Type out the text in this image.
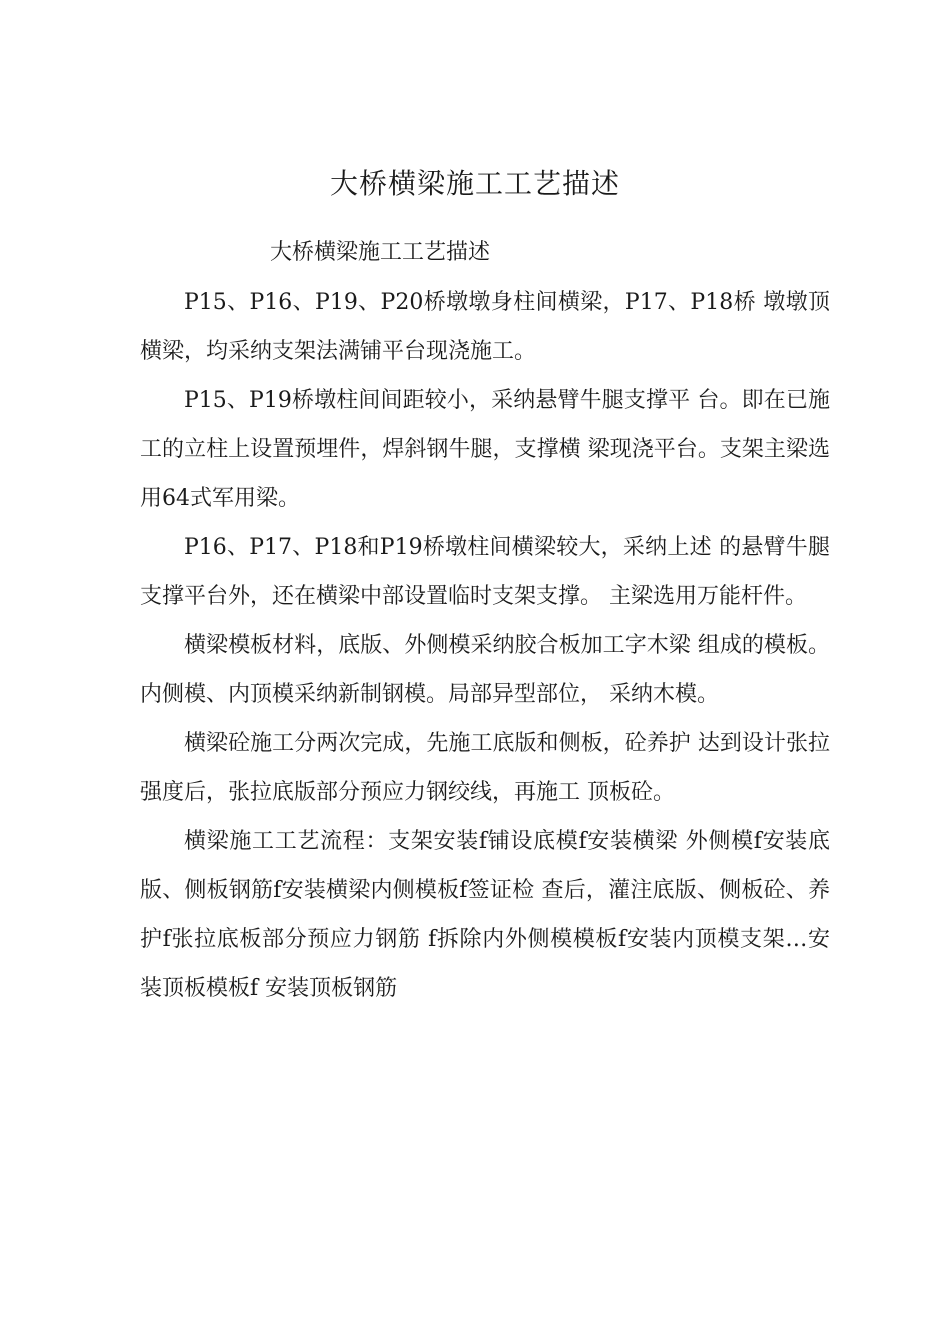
大桥横梁施工工艺描述

大桥横梁施工工艺描述

P15、P16、P19、P20桥墩墩身柱间横梁，P17、P18桥 墩墩顶横梁，均采纳支架法满铺平台现浇施工。

P15、P19桥墩柱间间距较小，采纳悬臂牛腿支撑平 台。即在已施工的立柱上设置预埋件，焊斜钢牛腿，支撑横 梁现浇平台。支架主梁选用64式军用梁。

P16、P17、P18和P19桥墩柱间横梁较大，采纳上述 的悬臂牛腿支撑平台外，还在横梁中部设置临时支架支撑。 主梁选用万能杆件。

横梁模板材料，底版、外侧模采纳胶合板加工字木梁 组成的模板。内侧模、内顶模采纳新制钢模。局部异型部位， 采纳木模。

横梁砼施工分两次完成，先施工底版和侧板，砼养护 达到设计张拉强度后，张拉底版部分预应力钢绞线，再施工 顶板砼。

横梁施工工艺流程：支架安装f铺设底模f安装横梁 外侧模f安装底版、侧板钢筋f安装横梁内侧模板f签证检 查后，灌注底版、侧板砼、养护f张拉底板部分预应力钢筋 f拆除内外侧模模板f安装内顶模支架…安装顶板模板f 安装顶板钢筋
